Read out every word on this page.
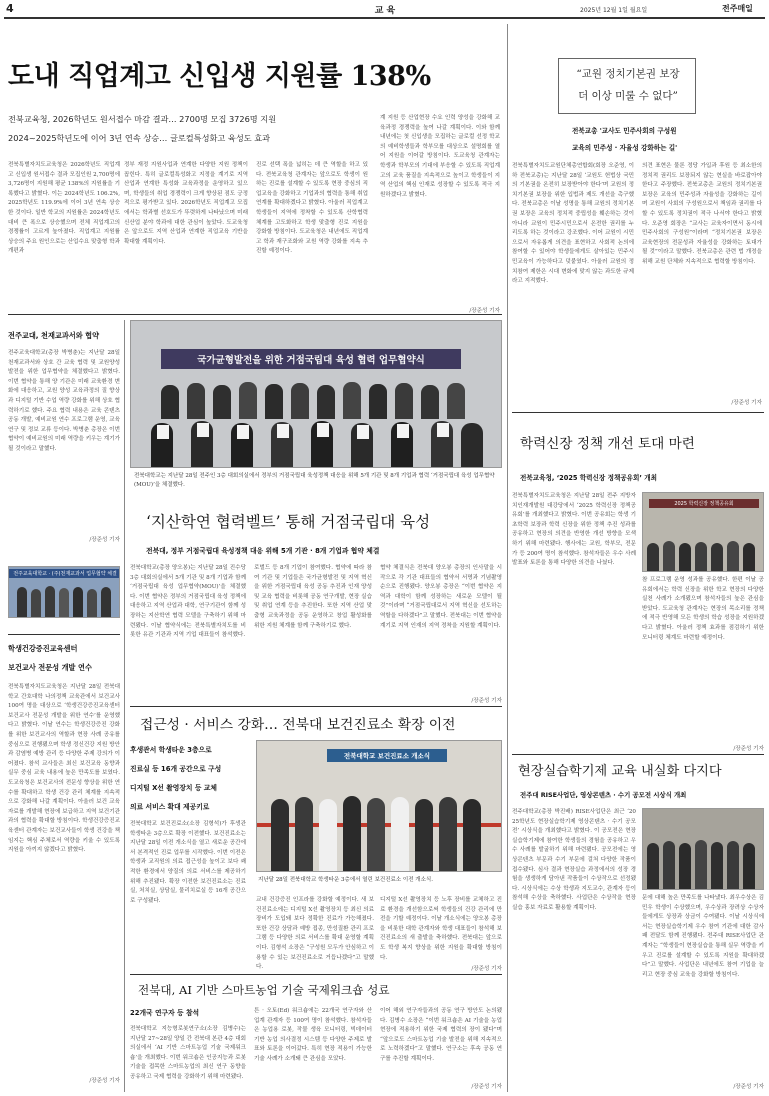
4	교 육	2025년 12월 1일 월요일	전주매일
도내 직업계고 신입생 지원률 138%
전북교육청, 2026학년도 원서접수 마감 결과… 2700명 모집 3726명 지원
2024~2025학년도에 이어 3년 연속 상승… 글로컬특성화고 육성도 효과
전북특별자치도교육청은 2026학년도 직업계고 신입생 원서접수 결과 모집인원 2,700명에 3,726명이 지원해 평균 138%의 지원률을 기록했다고 밝혔다. 이는 2024학년도 106.2%, 2025학년도 119.9%에 이어 3년 연속 상승한 것이다. 일반 학교의 지원률은 2024학년도 대비 큰 폭으로 상승했으며 전체 직업계고의 경쟁률이 고르게 높아졌다. 직업계고 지원률 상승의 주요 원인으로는 산업수요 맞춤형 학과 개편과
정부 재정 지원사업과 연계한 다양한 지원 정책이 꼽힌다. 특히 글로컬특성화고 지정을 계기로 지역 산업과 연계한 특성화 교육과정을 운영하고 있으며, 학생들의 취업 경쟁력이 크게 향상된 점도 긍정적으로 평가받고 있다. 2026학년도 직업계고 모집에서는 학과별 선호도가 뚜렷하게 나타났으며 미래 신산업 분야 학과에 대한 관심이 높았다. 도교육청은 앞으로도 지역 산업과 연계한 직업교육 기반을 확대할 계획이다.
진로 선택 폭을 넓히는 데 큰 역할을 하고 있다. 전북교육청 관계자는 앞으로도 학생이 원하는 진로를 설계할 수 있도록 현장 중심의 직업교육을 강화하고 기업과의 협력을 통해 취업 연계를 확대하겠다고 밝혔다. 아울러 직업계고 학생들이 지역에 정착할 수 있도록 산학협력 체계를 고도화하고 학생 맞춤형 진로 지원을 강화할 방침이다. 도교육청은 내년에도 직업계고 학과 재구조화와 교원 역량 강화를 지속 추진할 예정이다.
계 지원 등 산업현장 수요 인력 양성을 강화해 교육과정 경쟁력을 높여 나갈 계획이다. 이와 함께 내년에는 첫 신입생을 모집하는 글로컬 선정 학교의 예비학생들과 학부모를 대상으로 설명회를 열어 지원을 이어갈 방침이다. 도교육청 관계자는 학생과 학부모의 기대에 부응할 수 있도록 직업계고의 교육 품질을 지속적으로 높이고 학생들이 지역 산업의 핵심 인재로 성장할 수 있도록 적극 지원하겠다고 밝혔다.
/장준성 기자
“교원 정치기본권 보장
더 이상 미룰 수 없다”
전북교총 '교사도 민주사회의 구성원
교육의 민주성 · 자율성 강화하는 길'
전북특별자치도교원단체총연합회(회장 오준영, 이하 전북교총)는 지난달 28일 ‘교원도 헌법상 국민의 기본권을 온전히 보장받아야 한다’며 교원의 정치기본권 보장을 위한 입법과 제도 개선을 촉구했다. 전북교총은 이날 성명을 통해 교원의 정치기본권 보장은 교육의 정치적 중립성을 훼손하는 것이 아니라 교원이 민주시민으로서 온전한 권리를 누리도록 하는 것이라고 강조했다. 이어 교원이 시민으로서 자유롭게 의견을 표현하고 사회적 논의에 참여할 수 있어야 학생들에게도 살아있는 민주시민교육이 가능하다고 덧붙였다. 아울러 교원의 정치참여 제한은 시대 변화에 맞지 않는 과도한 규제라고 지적했다.
의견 표현은 물론 정당 가입과 후원 등 최소한의 정치적 권리도 보장되지 않는 현실을 바로잡아야 한다고 주장했다. 전북교총은 교원의 정치기본권 보장은 교육의 민주성과 자율성을 강화하는 길이며 교원이 사회의 구성원으로서 책임과 권리를 다할 수 있도록 정치권이 적극 나서야 한다고 밝혔다. 오준영 회장은 “교사는 교육자이면서 동시에 민주사회의 구성원”이라며 “정치기본권 보장은 교육현장의 전문성과 자율성을 강화하는 토대가 될 것”이라고 말했다. 전북교총은 관련 법 개정을 위해 교원 단체와 지속적으로 협력할 방침이다.
/장준성 기자
전주교대, 천재교과서와 협약
전주교육대학교(총장 박병춘)는 지난달 28일 천재교과서와 상호 간 교육 협력 및 교원양성 발전을 위한 업무협약을 체결했다고 밝혔다. 이번 협약을 통해 양 기관은 미래 교육환경 변화에 대응하고, 교원 양성 교육과정의 질 향상과 디지털 기반 수업 역량 강화를 위해 상호 협력하기로 했다. 주요 협력 내용은 교육 콘텐츠 공동 개발, 예비교원 연수 프로그램 운영, 교육 연구 및 정보 교류 등이다. 박병춘 총장은 이번 협약이 예비교원의 미래 역량을 키우는 계기가 될 것이라고 말했다.
/장준성 기자
전주교육대학교 · (주)천재교과서 업무협약 체결
학생건강증진교육센터
보건교사 전문성 개발 연수
전북특별자치도교육청은 지난달 28일 전북대학교 간호대학 나의정책 교육관에서 보건교사 100여 명을 대상으로 ‘학생건강증진교육센터 보건교사 전문성 개발을 위한 연수’를 운영했다고 밝혔다. 이날 연수는 학생건강증진 강화를 위한 보건교사의 역할과 현장 사례 공유를 중심으로 진행됐으며 학생 정신건강 지원 방안과 감염병 예방 관리 등 다양한 주제 강의가 이어졌다. 참석 교사들은 최신 보건교육 동향과 실무 중심 교육 내용에 높은 만족도를 보였다. 도교육청은 보건교사의 전문성 향상을 위한 연수를 확대하고 학생 건강 관리 체계를 지속적으로 강화해 나갈 계획이다. 아울러 보건 교육 자료를 개발해 현장에 보급하고 지역 보건기관과의 협력을 확대할 방침이다. 학생건강증진교육센터 관계자는 보건교사들이 학생 건강을 책임지는 핵심 주체로서 역량을 키울 수 있도록 지원을 아끼지 않겠다고 밝혔다.
/장준성 기자
국가균형발전을 위한 거점국립대 육성 협력 업무협약식
전북대학교는 지난달 28일 전주인 3층 대회의실에서 정부의 거점국립대 육성정책 대응을 위해 5개 기관 및 8개 기업과 협력 ‘거점국립대 육성 업무협약(MOU)’을 체결했다.
‘지산학연 협력벨트’ 통해 거점국립대 육성
전북대, 정부 거점국립대 육성정책 대응 위해 5개 기관 · 8개 기업과 협약 체결
전북대학교(총장 양오봉)는 지난달 28일 진수당 3층 대회의실에서 5개 기관 및 8개 기업과 함께 ‘거점국립대 육성 업무협약(MOU)’을 체결했다. 이번 협약은 정부의 거점국립대 육성 정책에 대응하고 지역 산업과 대학, 연구기관이 함께 성장하는 지산학연 협력 모델을 구축하기 위해 마련됐다. 이날 협약식에는 전북특별자치도를 비롯한 유관 기관과 지역 기업 대표들이 참석했다.
로벌드 등 8개 기업이 참여했다. 협약에 따라 참여 기관 및 기업들은 국가균형발전 및 지역 혁신을 위한 거점국립대 육성 공동 추진과 인재 양성 및 교육 협력을 비롯해 공동 연구개발, 현장 실습 및 취업 연계 등을 추진한다. 또한 지역 산업 맞춤형 교육과정을 공동 운영하고 창업 활성화를 위한 지원 체계를 함께 구축하기로 했다.
협약 체결식은 전북대 양오봉 총장의 인사말을 시작으로 각 기관 대표들의 협약서 서명과 기념촬영 순으로 진행됐다. 양오봉 총장은 “이번 협약은 지역과 대학이 함께 성장하는 새로운 모델이 될 것”이라며 “거점국립대로서 지역 혁신을 선도하는 역할을 다하겠다”고 말했다. 전북대는 이번 협약을 계기로 지역 인재의 지역 정착을 지원할 계획이다.
/장준성 기자
접근성 · 서비스 강화… 전북대 보건진료소 확장 이전
후생관서 학생타운 3층으로
진료실 등 16개 공간으로 구성
디지털 X선 촬영장치 등 교체
의료 서비스 확대 제공키로
전북대학교 보건진료소(소장 김형석)가 후생관 학생타운 3층으로 확장 이전했다. 보건진료소는 지난달 28일 이전 개소식을 열고 새로운 공간에서 본격적인 진료 업무를 시작했다. 이번 이전은 학생과 교직원의 의료 접근성을 높이고 보다 쾌적한 환경에서 양질의 의료 서비스를 제공하기 위해 추진됐다. 확장 이전한 보건진료소는 진료실, 처치실, 상담실, 물리치료실 등 16개 공간으로 구성됐다.
전북대학교 보건진료소 개소식
지난달 28일 전북대학교 학생타운 3층에서 열린 보건진료소 이전 개소식.
교내 건강증진 인프라를 강화할 예정이다. 새 보건진료소에는 디지털 X선 촬영장치 등 최신 의료 장비가 도입돼 보다 정확한 진료가 가능해졌다. 또한 건강 상담과 예방 접종, 만성질환 관리 프로그램 등 다양한 의료 서비스를 확대 운영할 계획이다. 김형석 소장은 “구성원 모두가 안심하고 이용할 수 있는 보건진료소로 거듭나겠다”고 말했다.
디지털 X선 촬영장치 등 노후 장비를 교체하고 진료 환경을 개선함으로써 학생들의 건강 관리에 만전을 기할 예정이다. 이날 개소식에는 양오봉 총장을 비롯한 대학 관계자와 학생 대표들이 참석해 보건진료소의 새 출발을 축하했다. 전북대는 앞으로도 학생 복지 향상을 위한 지원을 확대할 방침이다.
/장준성 기자
전북대, AI 기반 스마트농업 기술 국제워크숍 성료
22개국 연구자 등 참석
전북대학교 지능형로봇연구소(소장 김병수)는 지난달 27~28일 양일 간 전북대 본관 4층 대회의실에서 ‘AI 기반 스마트농업 기술 국제워크숍’을 개최했다. 이번 워크숍은 인공지능과 로봇 기술을 접목한 스마트농업의 최신 연구 동향을 공유하고 국제 협력을 강화하기 위해 마련됐다.
튼 · 오토(Ed) 워크숍에는 22개국 연구자와 산업계 관계자 등 100여 명이 참석했다. 참석자들은 농업용 로봇, 작물 생육 모니터링, 빅데이터 기반 농업 의사결정 시스템 등 다양한 주제로 발표와 토론을 이어갔다. 특히 현장 적용이 가능한 기술 사례가 소개돼 큰 관심을 모았다.
이어 해외 연구자들과의 공동 연구 방안도 논의됐다. 김병수 소장은 “이번 워크숍은 AI 기술을 농업 현장에 적용하기 위한 국제 협력의 장이 됐다”며 “앞으로도 스마트농업 기술 발전을 위해 지속적으로 노력하겠다”고 말했다. 연구소는 후속 공동 연구를 추진할 계획이다.
/장준성 기자
학력신장 정책 개선 토대 마련
전북교육청, ‘2025 학력신장 정책공유회’ 개최
전북특별자치도교육청은 지난달 28일 전주 지방자치인재개발원 대강당에서 ‘2025 학력신장 정책공유회’를 개최했다고 밝혔다. 이번 공유회는 학생 기초학력 보장과 학력 신장을 위한 정책 추진 성과를 공유하고 현장의 의견을 반영한 개선 방향을 모색하기 위해 마련됐다. 행사에는 교원, 학부모, 전문가 등 200여 명이 참석했다. 참석자들은 우수 사례 발표와 토론을 통해 다양한 의견을 나눴다.
2025 학력신장 정책공유회
참 프로그램 운영 성과를 공유했다. 한편 이날 공유회에서는 학력 신장을 위한 학교 현장의 다양한 실천 사례가 소개됐으며 참석자들의 높은 관심을 받았다. 도교육청 관계자는 현장의 목소리를 정책에 적극 반영해 모든 학생의 학습 성장을 지원하겠다고 밝혔다. 아울러 정책 효과를 점검하기 위한 모니터링 체계도 마련할 예정이다.
/장준성 기자
현장실습학기제 교육 내실화 다지다
전주대 RISE사업단, 영상콘텐츠 · 수기 공모전 시상식 개최
전주대학교(총장 박진배) RISE사업단은 최근 ‘2025학년도 현장실습학기제 영상콘텐츠 · 수기 공모전’ 시상식을 개최했다고 밝혔다. 이 공모전은 현장실습학기제에 참여한 학생들의 경험을 공유하고 우수 사례를 발굴하기 위해 마련됐다. 공모전에는 영상콘텐츠 부문과 수기 부문에 걸쳐 다양한 작품이 접수됐다. 심사 결과 현장실습 과정에서의 성장 경험을 생생하게 담아낸 작품들이 수상작으로 선정됐다. 시상식에는 수상 학생과 지도교수, 관계자 등이 참석해 수상을 축하했다. 사업단은 수상작을 현장실습 홍보 자료로 활용할 계획이다.
문에 대해 높은 만족도를 나타냈다. 최우수상은 김민우 학생이 수상했으며, 우수상과 장려상 수상자들에게도 상장과 상금이 수여됐다. 이날 시상식에서는 현장실습학기제 우수 참여 기관에 대한 감사패 전달도 함께 진행됐다. 전주대 RISE사업단 관계자는 “학생들이 현장실습을 통해 실무 역량을 키우고 진로를 설계할 수 있도록 지원을 확대하겠다”고 말했다. 사업단은 내년에도 참여 기업을 늘리고 현장 중심 교육을 강화할 방침이다.
/장준성 기자
